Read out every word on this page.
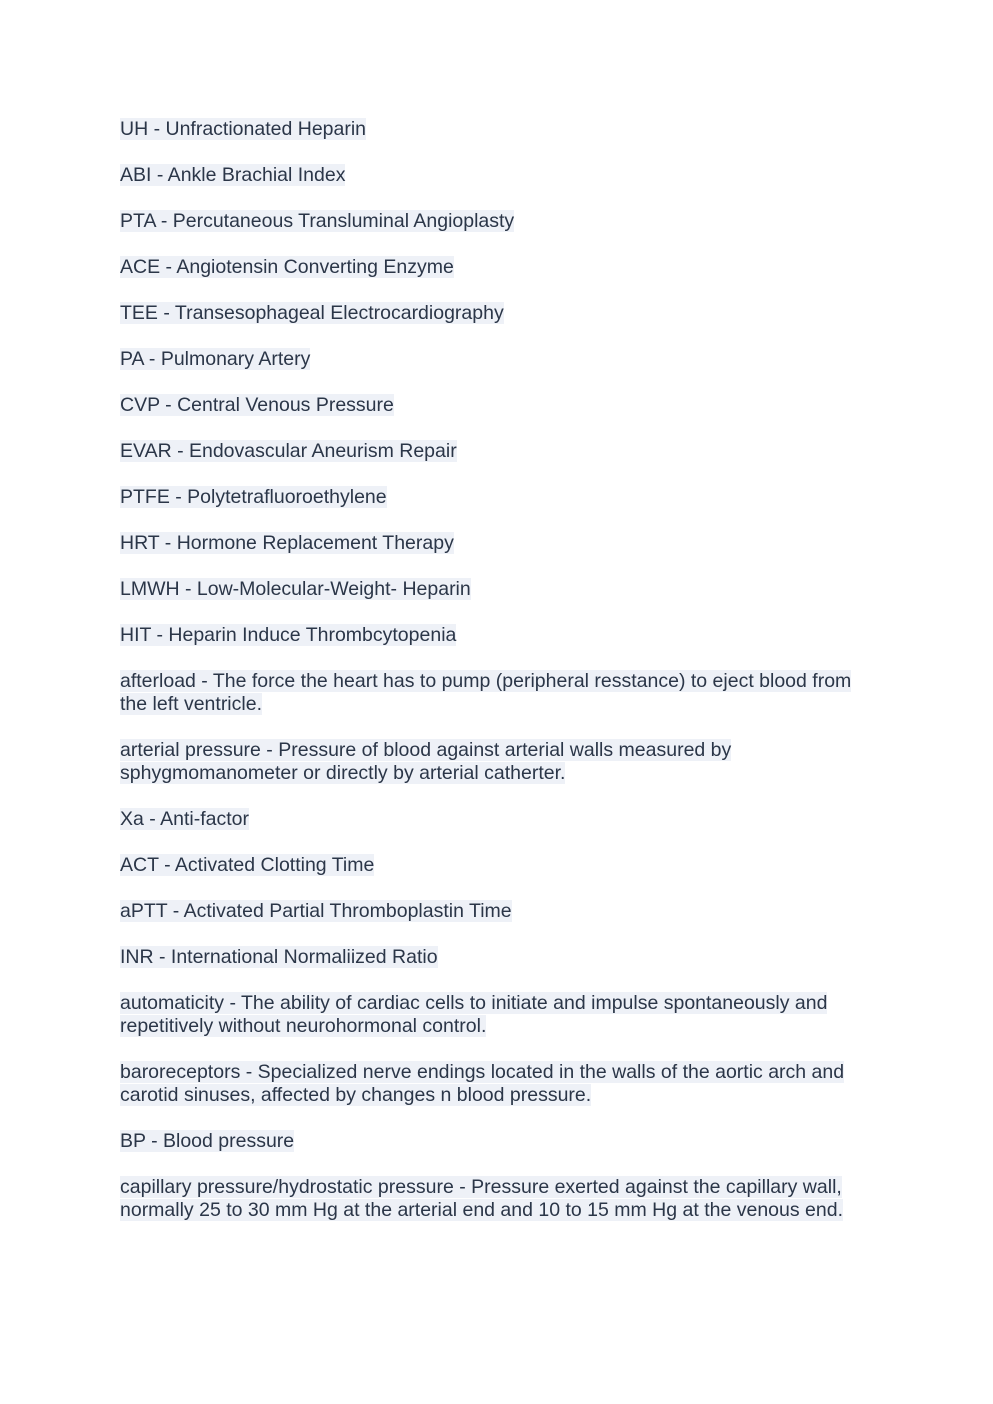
UH - Unfractionated Heparin
ABI - Ankle Brachial Index
PTA - Percutaneous Transluminal Angioplasty
ACE - Angiotensin Converting Enzyme
TEE - Transesophageal Electrocardiography
PA - Pulmonary Artery
CVP - Central Venous Pressure
EVAR - Endovascular Aneurism Repair
PTFE - Polytetrafluoroethylene
HRT - Hormone Replacement Therapy
LMWH - Low-Molecular-Weight- Heparin
HIT - Heparin Induce Thrombcytopenia
afterload - The force the heart has to pump (peripheral resstance) to eject blood from the left ventricle.
arterial pressure - Pressure of blood against arterial walls measured by sphygmomanometer or directly by arterial catherter.
Xa - Anti-factor
ACT - Activated Clotting Time
aPTT - Activated Partial Thromboplastin Time
INR - International Normaliized Ratio
automaticity - The ability of cardiac cells to initiate and impulse spontaneously and repetitively without neurohormonal control.
baroreceptors - Specialized nerve endings located in the walls of the aortic arch and carotid sinuses, affected by changes n blood pressure.
BP - Blood pressure
capillary pressure/hydrostatic pressure - Pressure exerted against the capillary wall, normally 25 to 30 mm Hg at the arterial end and 10 to 15 mm Hg at the venous end.
